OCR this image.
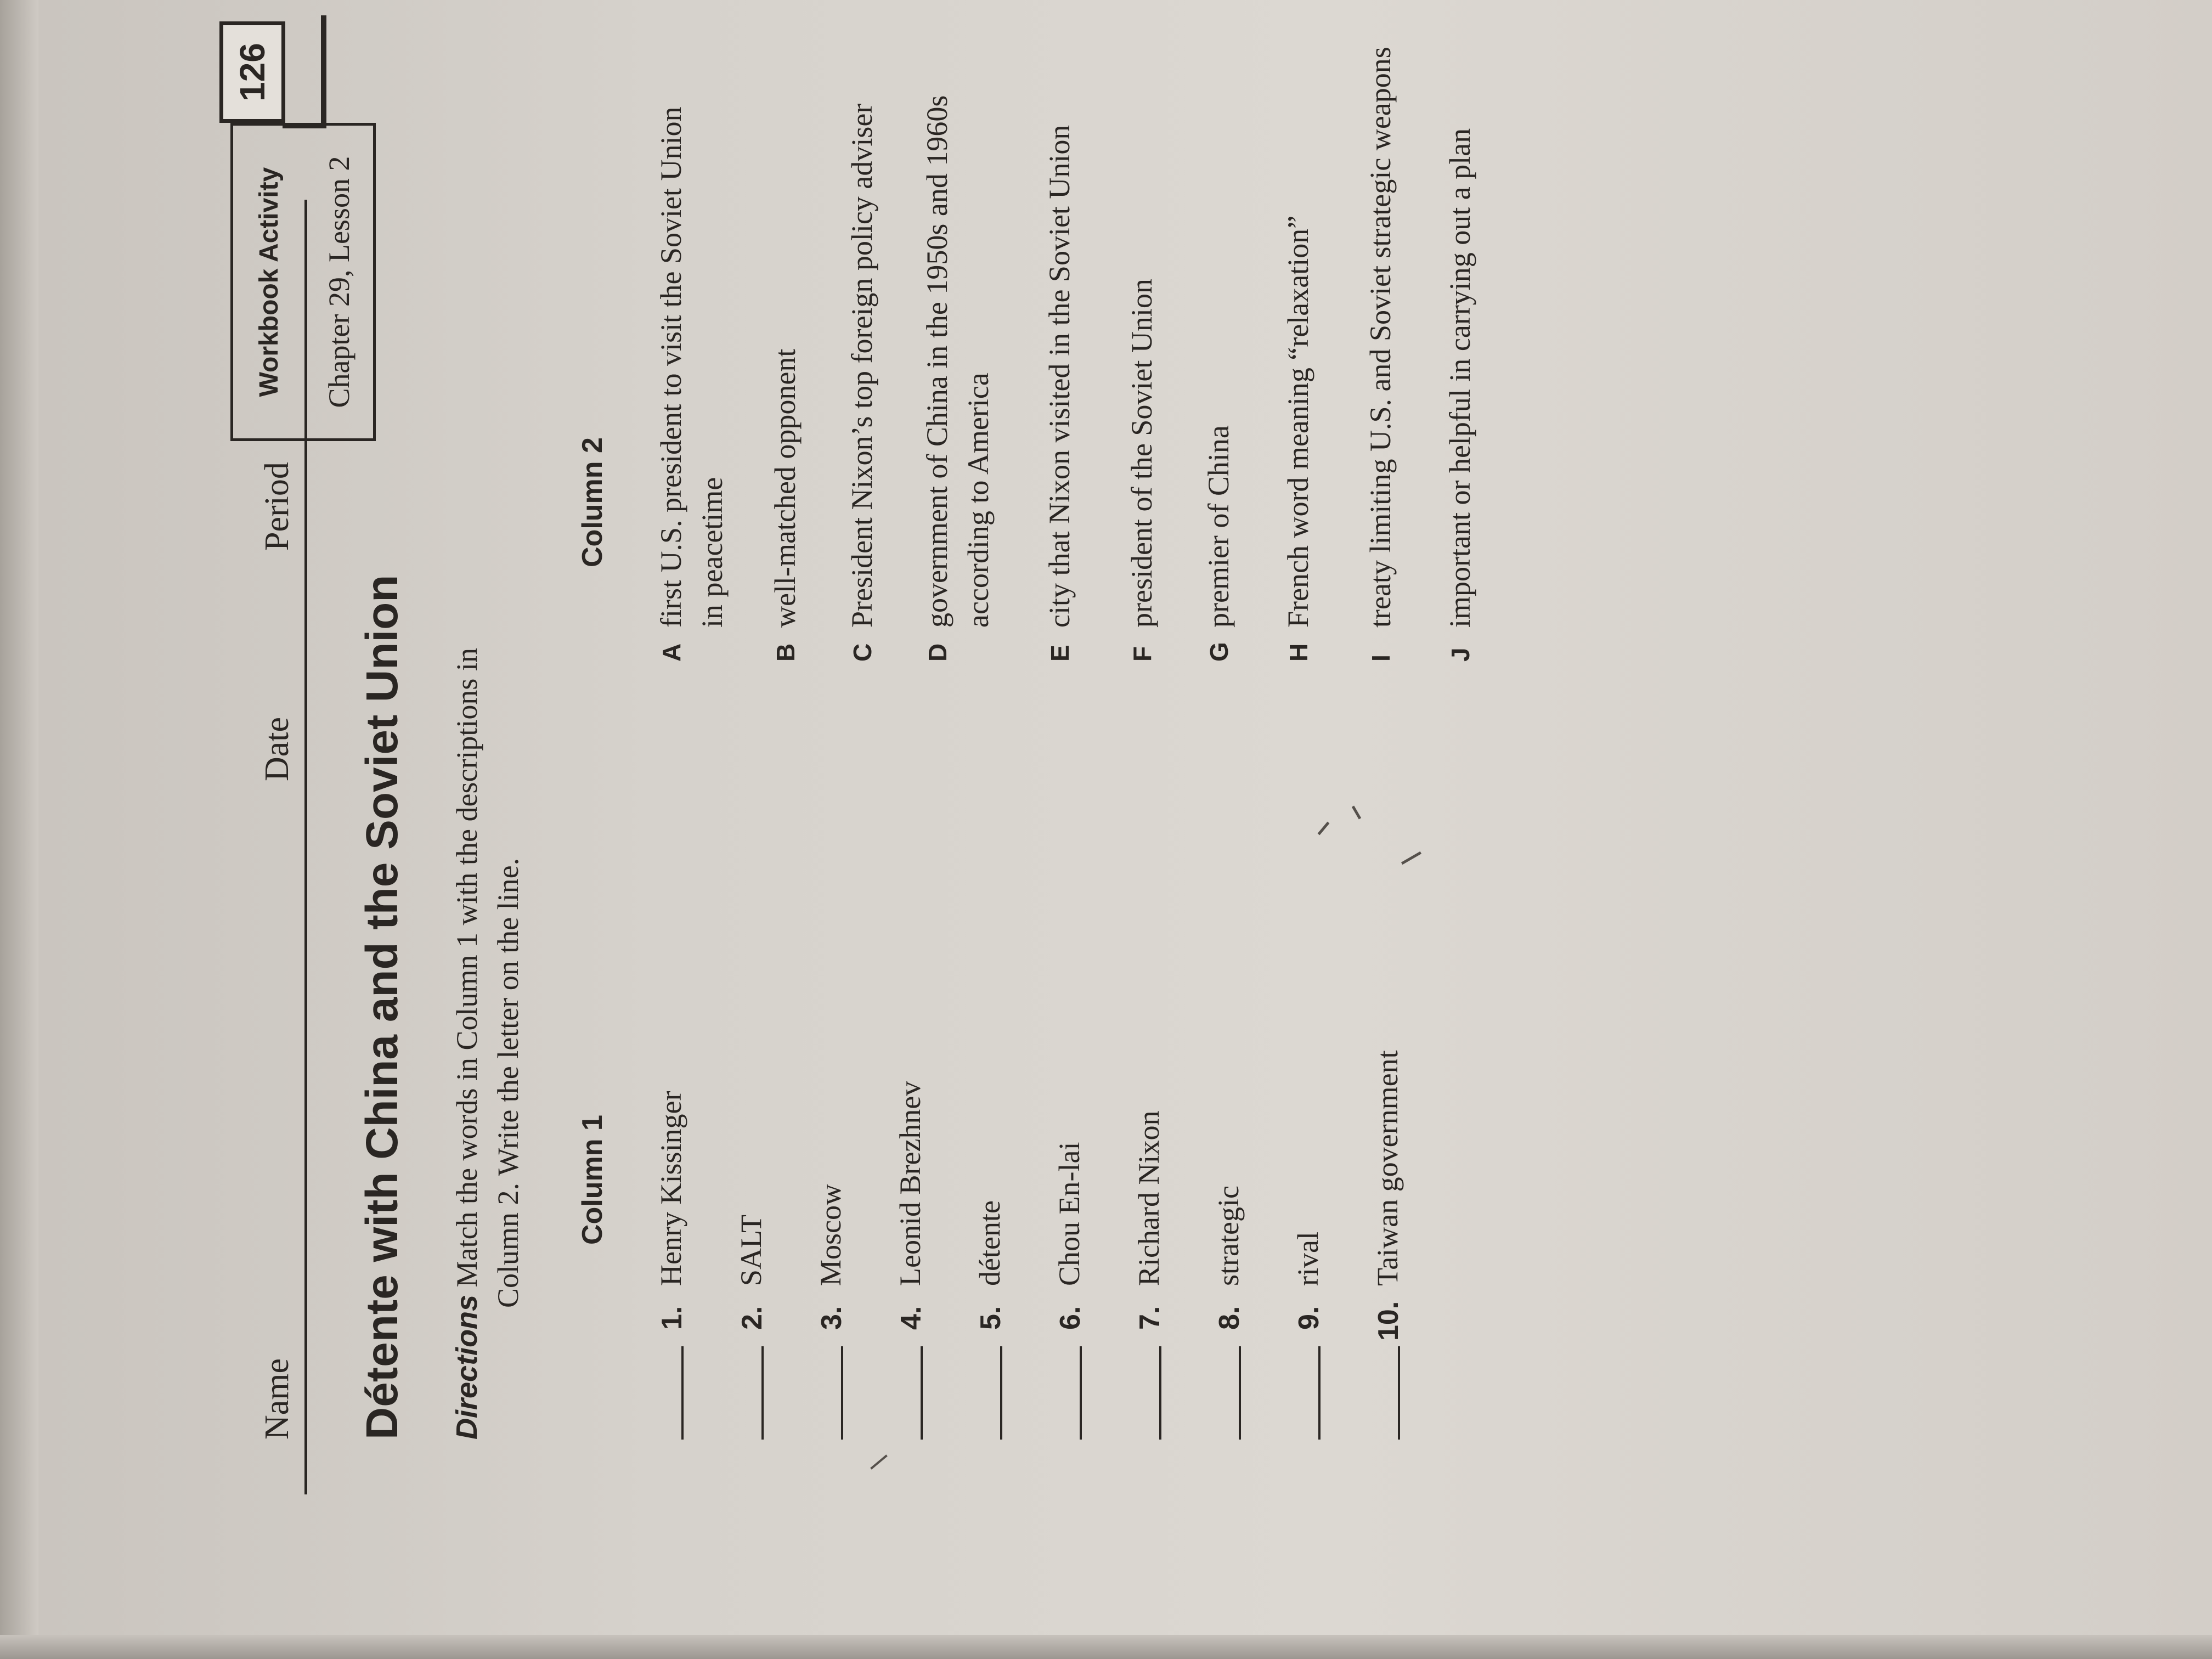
Name
Date
Period
Workbook Activity	Chapter 29, Lesson 2
126
Détente with China and the Soviet Union Directions Match the words in Column 1 with the descriptions in Column 2. Write the letter on the line. Column 1
Column 2
1.
Henry Kissinger
2.
SALT
3.
Moscow
4.
Leonid Brezhnev
5.
détente
6.
Chou En-lai
7.
Richard Nixon
8.
strategic
9.
rival
10.
Taiwan government
A
first U.S. president to visit the Soviet Union in peacetime
B
well-matched opponent
C
President Nixon’s top foreign policy adviser
D
government of China in the 1950s and 1960s according to America
E
city that Nixon visited in the Soviet Union
F
president of the Soviet Union
G
premier of China
H
French word meaning “relaxation”
I
treaty limiting U.S. and Soviet strategic weapons
J
important or helpful in carrying out a plan
